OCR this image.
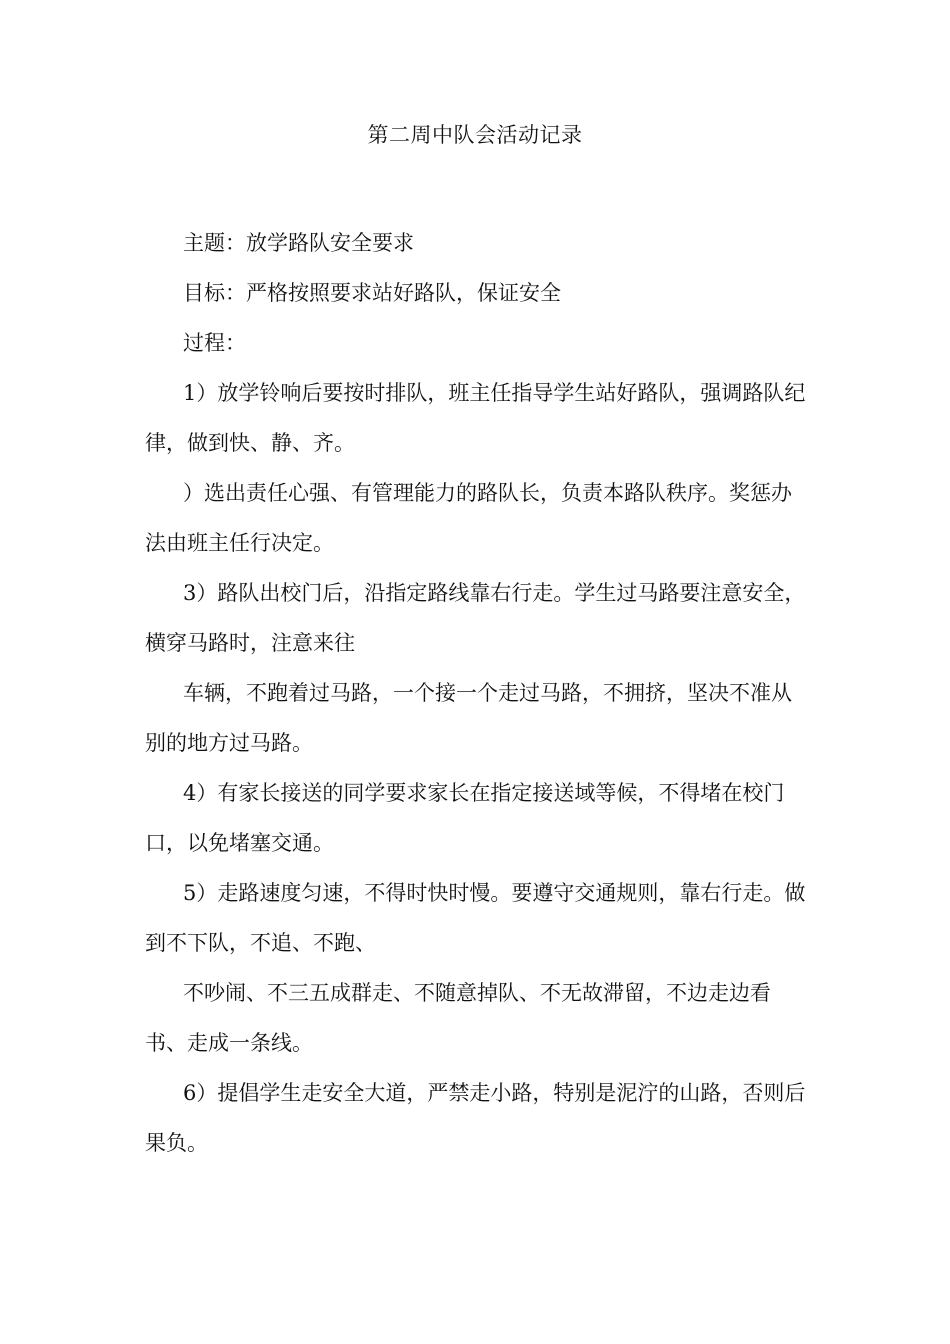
第二周中队会活动记录

主题：放学路队安全要求

目标：严格按照要求站好路队，保证安全

过程：

1）放学铃响后要按时排队，班主任指导学生站好路队，强调路队纪律，做到快、静、齐。

）选出责任心强、有管理能力的路队长，负责本路队秩序。奖惩办法由班主任行决定。

3）路队出校门后，沿指定路线靠右行走。学生过马路要注意安全，横穿马路时，注意来往

车辆，不跑着过马路，一个接一个走过马路，不拥挤，坚决不准从别的地方过马路。

4）有家长接送的同学要求家长在指定接送域等候，不得堵在校门口，以免堵塞交通。

5）走路速度匀速，不得时快时慢。要遵守交通规则，靠右行走。做到不下队，不追、不跑、

不吵闹、不三五成群走、不随意掉队、不无故滞留，不边走边看书、走成一条线。

6）提倡学生走安全大道，严禁走小路，特别是泥泞的山路，否则后果负。
